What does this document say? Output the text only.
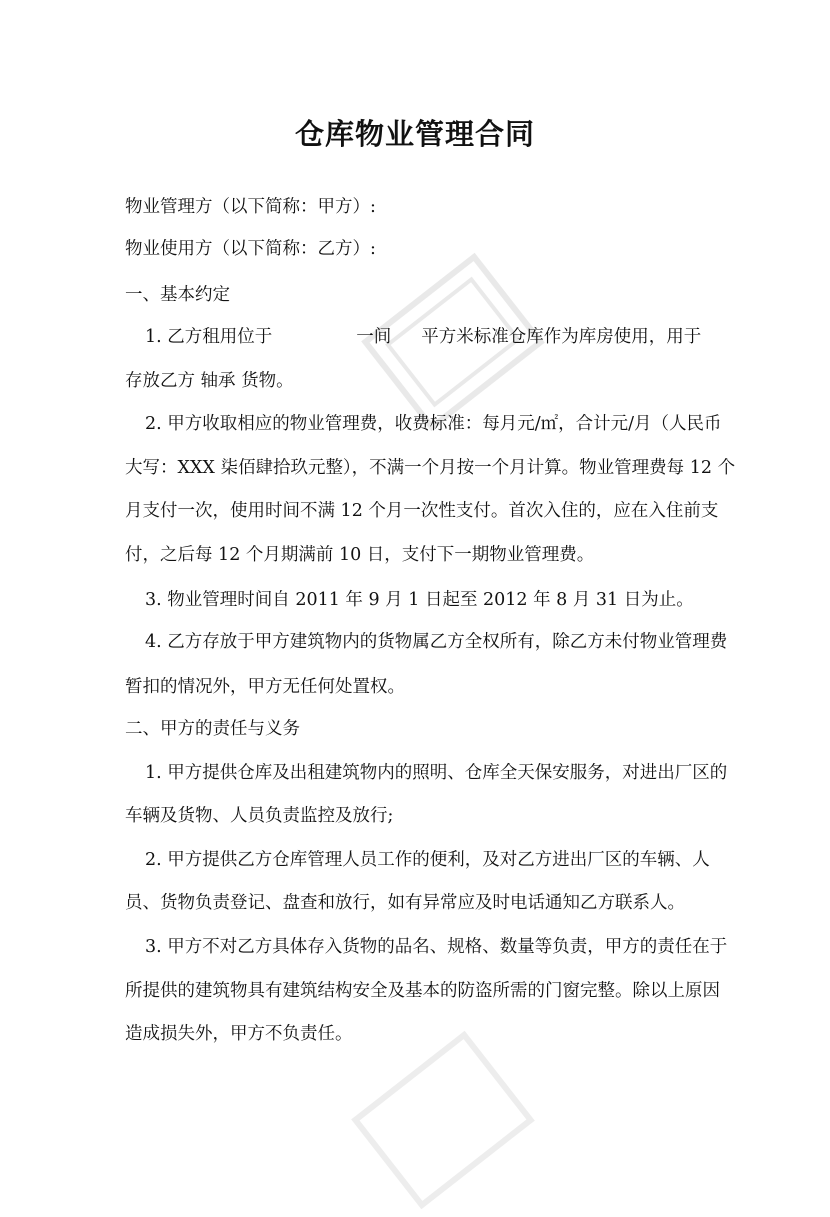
仓库物业管理合同
物业管理方（以下简称：甲方）:
物业使用方（以下简称：乙方）:
一、基本约定
1. 乙方租用位于	一间 平方米标准仓库作为库房使用，用于
存放乙方 轴承 货物。
2. 甲方收取相应的物业管理费，收费标准：每月元/㎡，合计元/月（人民币
大写：XXX 柒佰肆拾玖元整），不满一个月按一个月计算。物业管理费每 12 个
月支付一次，使用时间不满 12 个月一次性支付。首次入住的，应在入住前支
付，之后每 12 个月期满前 10 日，支付下一期物业管理费。
3. 物业管理时间自 2011 年 9 月 1 日起至 2012 年 8 月 31 日为止。
4. 乙方存放于甲方建筑物内的货物属乙方全权所有，除乙方未付物业管理费
暂扣的情况外，甲方无任何处置权。
二、甲方的责任与义务
1. 甲方提供仓库及出租建筑物内的照明、仓库全天保安服务，对进出厂区的
车辆及货物、人员负责监控及放行;
2. 甲方提供乙方仓库管理人员工作的便利，及对乙方进出厂区的车辆、人
员、货物负责登记、盘查和放行，如有异常应及时电话通知乙方联系人。
3. 甲方不对乙方具体存入货物的品名、规格、数量等负责，甲方的责任在于
所提供的建筑物具有建筑结构安全及基本的防盗所需的门窗完整。除以上原因
造成损失外，甲方不负责任。
